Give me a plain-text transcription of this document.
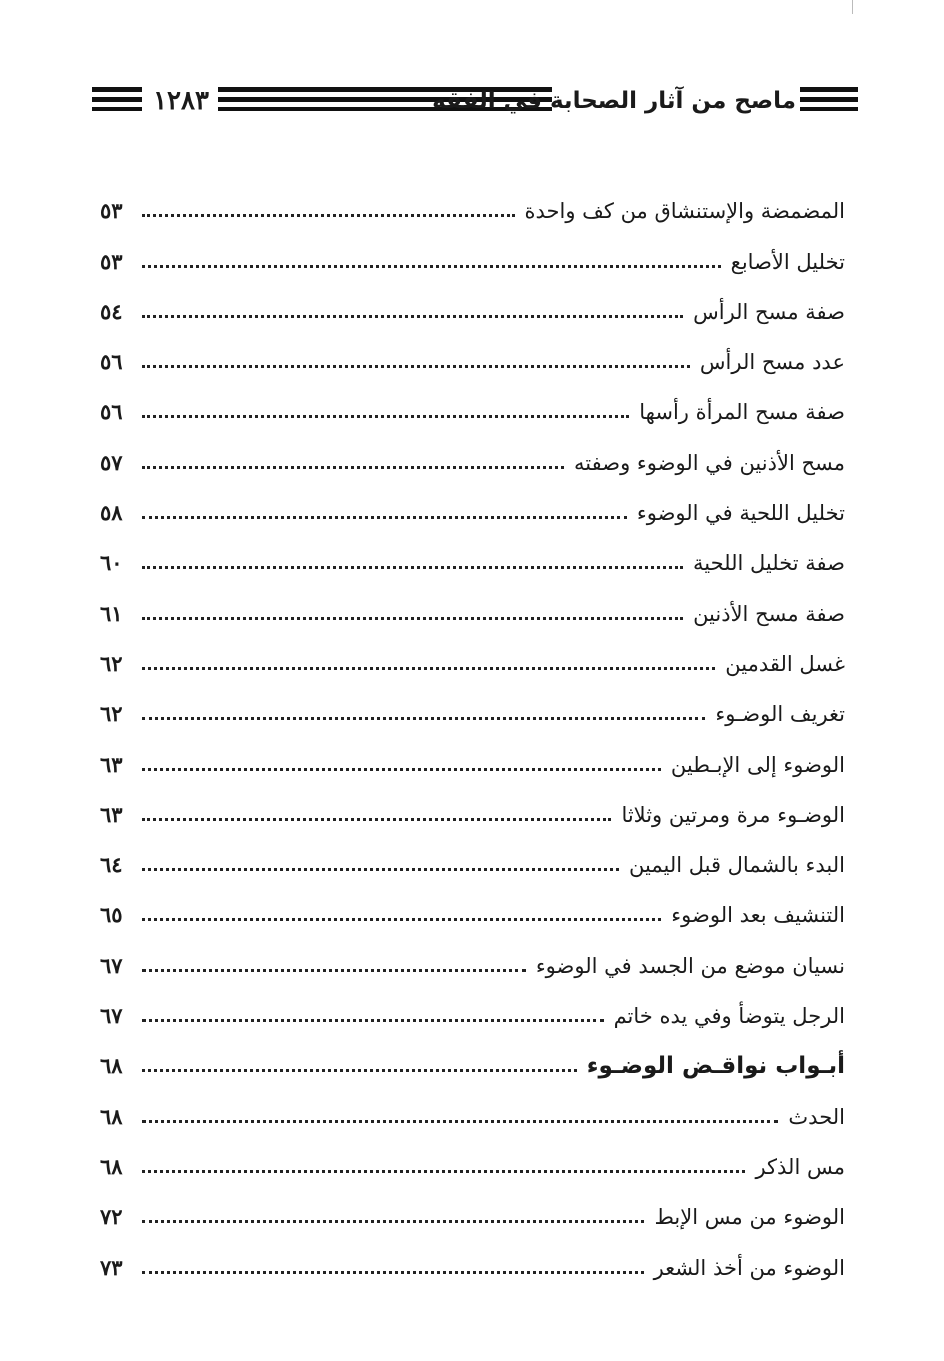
١٢٨٣	ماصح من آثار الصحابة في الفقه
المضمضة والإستنشاق من كف واحدة
٥٣
تخليل الأصابع
٥٣
صفة مسح الرأس
٥٤
عدد مسح الرأس
٥٦
صفة مسح المرأة رأسها
٥٦
مسح الأذنين في الوضوء وصفته
٥٧
تخليل اللحية في الوضوء
٥٨
صفة تخليل اللحية
٦٠
صفة مسح الأذنين
٦١
غسل القدمين
٦٢
تغريف الوضـوء
٦٢
الوضوء إلى الإبـطين
٦٣
الوضـوء مرة ومرتين وثلاثا
٦٣
البدء بالشمال قبل اليمين
٦٤
التنشيف بعد الوضوء
٦٥
نسيان موضع من الجسد في الوضوء
٦٧
الرجل يتوضأ وفي يده خاتم
٦٧
أبـواب نواقـض الوضـوء
٦٨
الحدث
٦٨
مس الذكر
٦٨
الوضوء من مس الإبط
٧٢
الوضوء من أخذ الشعر
٧٣
